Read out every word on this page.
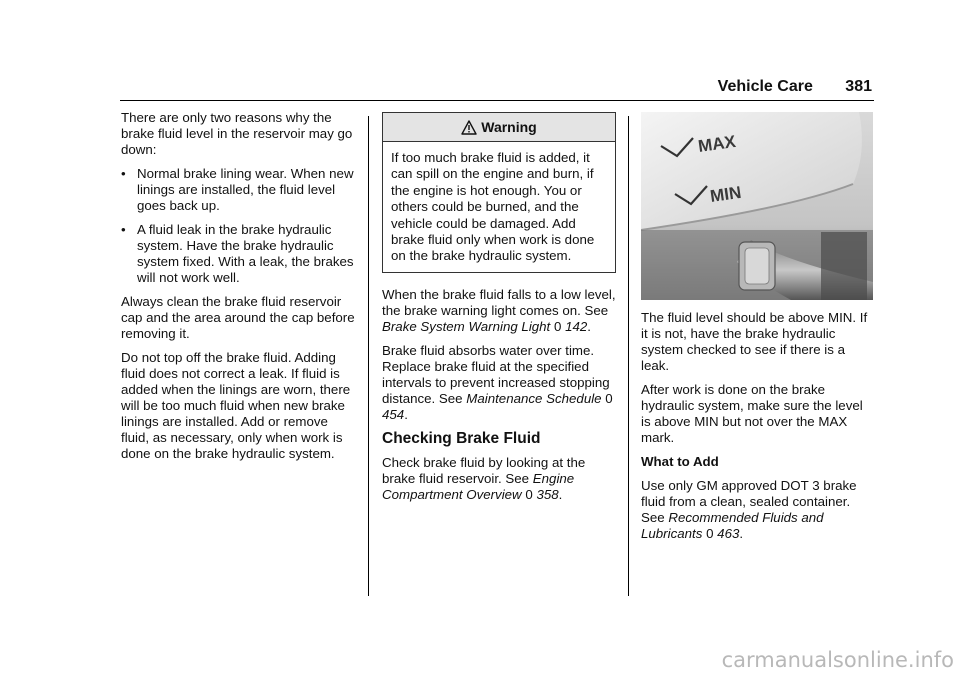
Vehicle Care 381

There are only two reasons why the brake fluid level in the reservoir may go down:

• Normal brake lining wear. When new linings are installed, the fluid level goes back up.
• A fluid leak in the brake hydraulic system. Have the brake hydraulic system fixed. With a leak, the brakes will not work well.

Always clean the brake fluid reservoir cap and the area around the cap before removing it.

Do not top off the brake fluid. Adding fluid does not correct a leak. If fluid is added when the linings are worn, there will be too much fluid when new brake linings are installed. Add or remove fluid, as necessary, only when work is done on the brake hydraulic system.

Warning
If too much brake fluid is added, it can spill on the engine and burn, if the engine is hot enough. You or others could be burned, and the vehicle could be damaged. Add brake fluid only when work is done on the brake hydraulic system.

When the brake fluid falls to a low level, the brake warning light comes on. See Brake System Warning Light 0 142.

Brake fluid absorbs water over time. Replace brake fluid at the specified intervals to prevent increased stopping distance. See Maintenance Schedule 0 454.

Checking Brake Fluid

Check brake fluid by looking at the brake fluid reservoir. See Engine Compartment Overview 0 358.

MAX
MIN

The fluid level should be above MIN. If it is not, have the brake hydraulic system checked to see if there is a leak.

After work is done on the brake hydraulic system, make sure the level is above MIN but not over the MAX mark.

What to Add

Use only GM approved DOT 3 brake fluid from a clean, sealed container. See Recommended Fluids and Lubricants 0 463.

carmanualsonline.info
